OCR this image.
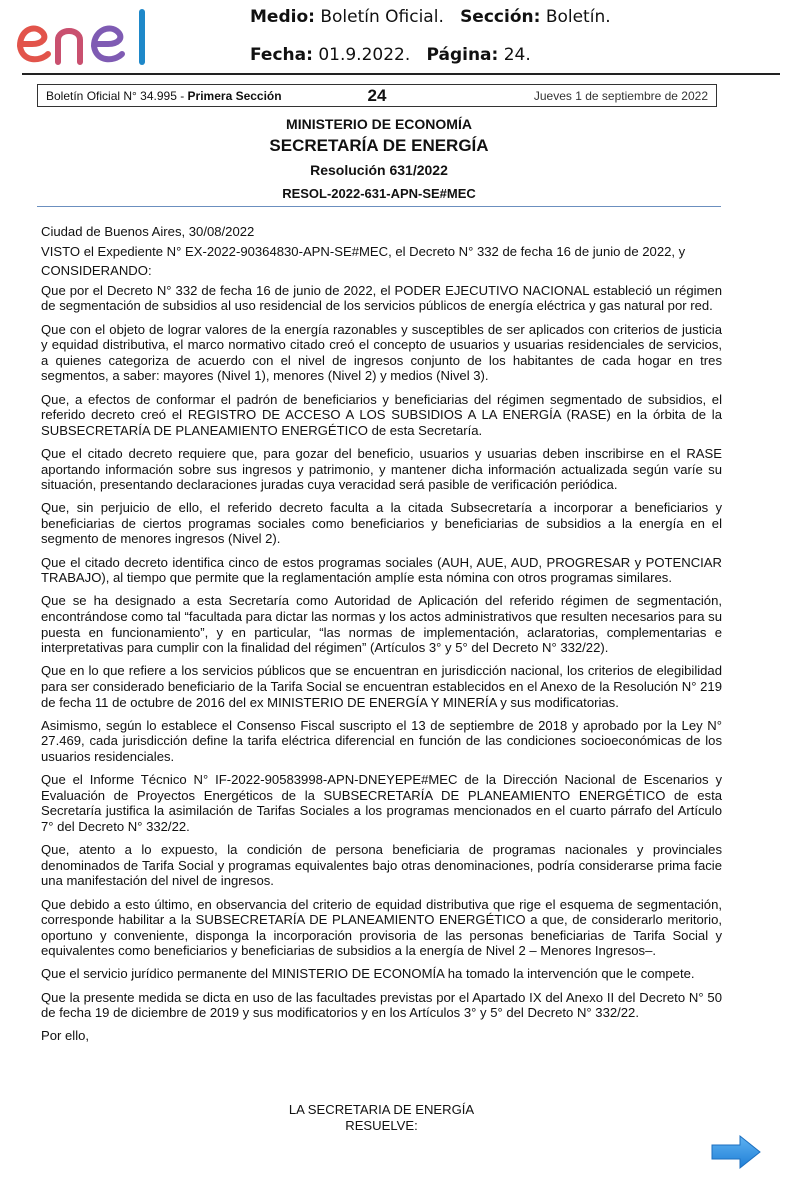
Medio: Boletín Oficial. Sección: Boletín.
Fecha: 01.9.2022. Página: 24.
24
Boletín Oficial N° 34.995 - Primera Sección	Jueves 1 de septiembre de 2022
MINISTERIO DE ECONOMÍA
SECRETARÍA DE ENERGÍA
Resolución 631/2022
RESOL-2022-631-APN-SE#MEC

Ciudad de Buenos Aires, 30/08/2022

VISTO el Expediente N° EX-2022-90364830-APN-SE#MEC, el Decreto N° 332 de fecha 16 de junio de 2022, y

CONSIDERANDO:

Que por el Decreto N° 332 de fecha 16 de junio de 2022, el PODER EJECUTIVO NACIONAL estableció un régimen de segmentación de subsidios al uso residencial de los servicios públicos de energía eléctrica y gas natural por red.

Que con el objeto de lograr valores de la energía razonables y susceptibles de ser aplicados con criterios de justicia y equidad distributiva, el marco normativo citado creó el concepto de usuarios y usuarias residenciales de servicios, a quienes categoriza de acuerdo con el nivel de ingresos conjunto de los habitantes de cada hogar en tres segmentos, a saber: mayores (Nivel 1), menores (Nivel 2) y medios (Nivel 3).

Que, a efectos de conformar el padrón de beneficiarios y beneficiarias del régimen segmentado de subsidios, el referido decreto creó el REGISTRO DE ACCESO A LOS SUBSIDIOS A LA ENERGÍA (RASE) en la órbita de la SUBSECRETARÍA DE PLANEAMIENTO ENERGÉTICO de esta Secretaría.

Que el citado decreto requiere que, para gozar del beneficio, usuarios y usuarias deben inscribirse en el RASE aportando información sobre sus ingresos y patrimonio, y mantener dicha información actualizada según varíe su situación, presentando declaraciones juradas cuya veracidad será pasible de verificación periódica.

Que, sin perjuicio de ello, el referido decreto faculta a la citada Subsecretaría a incorporar a beneficiarios y beneficiarias de ciertos programas sociales como beneficiarios y beneficiarias de subsidios a la energía en el segmento de menores ingresos (Nivel 2).

Que el citado decreto identifica cinco de estos programas sociales (AUH, AUE, AUD, PROGRESAR y POTENCIAR TRABAJO), al tiempo que permite que la reglamentación amplíe esta nómina con otros programas similares.

Que se ha designado a esta Secretaría como Autoridad de Aplicación del referido régimen de segmentación, encontrándose como tal “facultada para dictar las normas y los actos administrativos que resulten necesarios para su puesta en funcionamiento”, y en particular, “las normas de implementación, aclaratorias, complementarias e interpretativas para cumplir con la finalidad del régimen” (Artículos 3° y 5° del Decreto N° 332/22).

Que en lo que refiere a los servicios públicos que se encuentran en jurisdicción nacional, los criterios de elegibilidad para ser considerado beneficiario de la Tarifa Social se encuentran establecidos en el Anexo de la Resolución N° 219 de fecha 11 de octubre de 2016 del ex MINISTERIO DE ENERGÍA Y MINERÍA y sus modificatorias.

Asimismo, según lo establece el Consenso Fiscal suscripto el 13 de septiembre de 2018 y aprobado por la Ley N° 27.469, cada jurisdicción define la tarifa eléctrica diferencial en función de las condiciones socioeconómicas de los usuarios residenciales.

Que el Informe Técnico N° IF-2022-90583998-APN-DNEYEPE#MEC de la Dirección Nacional de Escenarios y Evaluación de Proyectos Energéticos de la SUBSECRETARÍA DE PLANEAMIENTO ENERGÉTICO de esta Secretaría justifica la asimilación de Tarifas Sociales a los programas mencionados en el cuarto párrafo del Artículo 7° del Decreto N° 332/22.

Que, atento a lo expuesto, la condición de persona beneficiaria de programas nacionales y provinciales denominados de Tarifa Social y programas equivalentes bajo otras denominaciones, podría considerarse prima facie una manifestación del nivel de ingresos.

Que debido a esto último, en observancia del criterio de equidad distributiva que rige el esquema de segmentación, corresponde habilitar a la SUBSECRETARÍA DE PLANEAMIENTO ENERGÉTICO a que, de considerarlo meritorio, oportuno y conveniente, disponga la incorporación provisoria de las personas beneficiarias de Tarifa Social y equivalentes como beneficiarios y beneficiarias de subsidios a la energía de Nivel 2 – Menores Ingresos–.

Que el servicio jurídico permanente del MINISTERIO DE ECONOMÍA ha tomado la intervención que le compete.

Que la presente medida se dicta en uso de las facultades previstas por el Apartado IX del Anexo II del Decreto N° 50 de fecha 19 de diciembre de 2019 y sus modificatorios y en los Artículos 3° y 5° del Decreto N° 332/22.

Por ello,

LA SECRETARIA DE ENERGÍA
RESUELVE:
